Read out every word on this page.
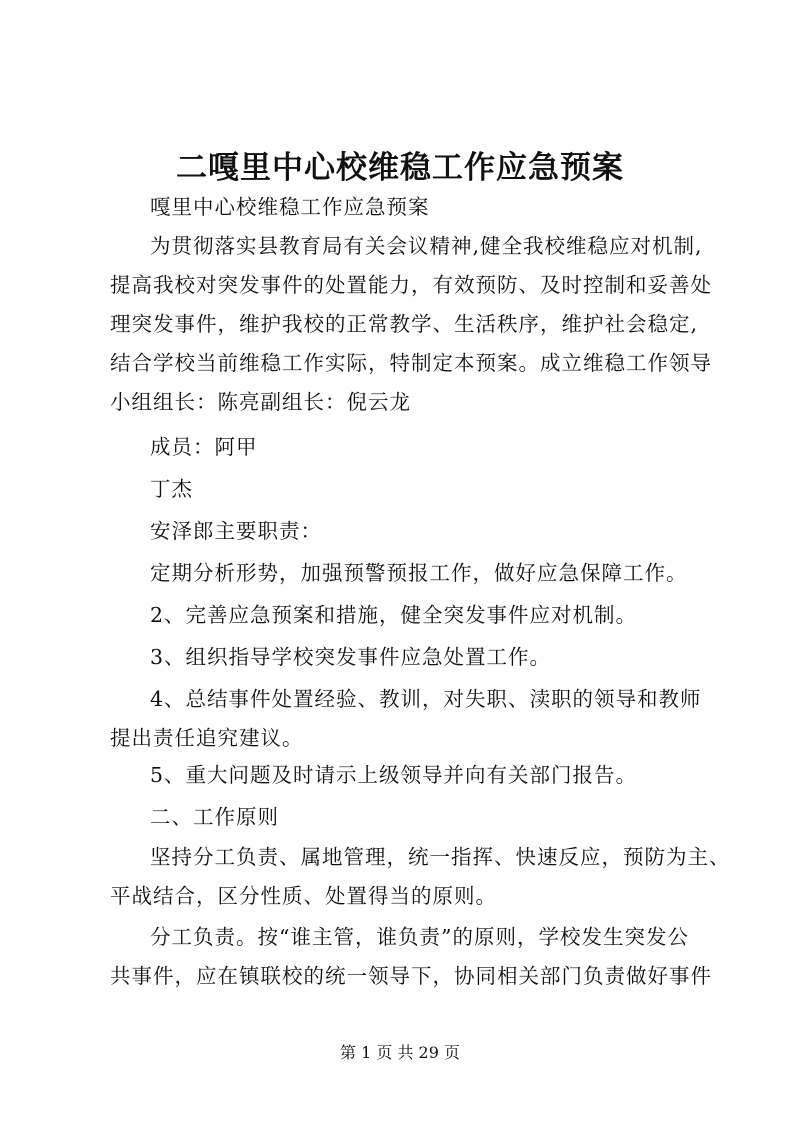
二嘎里中心校维稳工作应急预案
嘎里中心校维稳工作应急预案
为贯彻落实县教育局有关会议精神,健全我校维稳应对机制,
提高我校对突发事件的处置能力，有效预防、及时控制和妥善处
理突发事件，维护我校的正常教学、生活秩序，维护社会稳定,
结合学校当前维稳工作实际，特制定本预案。成立维稳工作领导
小组组长：陈亮副组长：倪云龙
成员：阿甲
丁杰
安泽郎主要职责：
定期分析形势，加强预警预报工作，做好应急保障工作。
2、完善应急预案和措施，健全突发事件应对机制。
3、组织指导学校突发事件应急处置工作。
4、总结事件处置经验、教训，对失职、渎职的领导和教师
提出责任追究建议。
5、重大问题及时请示上级领导并向有关部门报告。
二、工作原则
坚持分工负责、属地管理，统一指挥、快速反应，预防为主、
平战结合，区分性质、处置得当的原则。
分工负责。按“谁主管，谁负责”的原则，学校发生突发公
共事件，应在镇联校的统一领导下，协同相关部门负责做好事件
第 1 页 共 29 页
